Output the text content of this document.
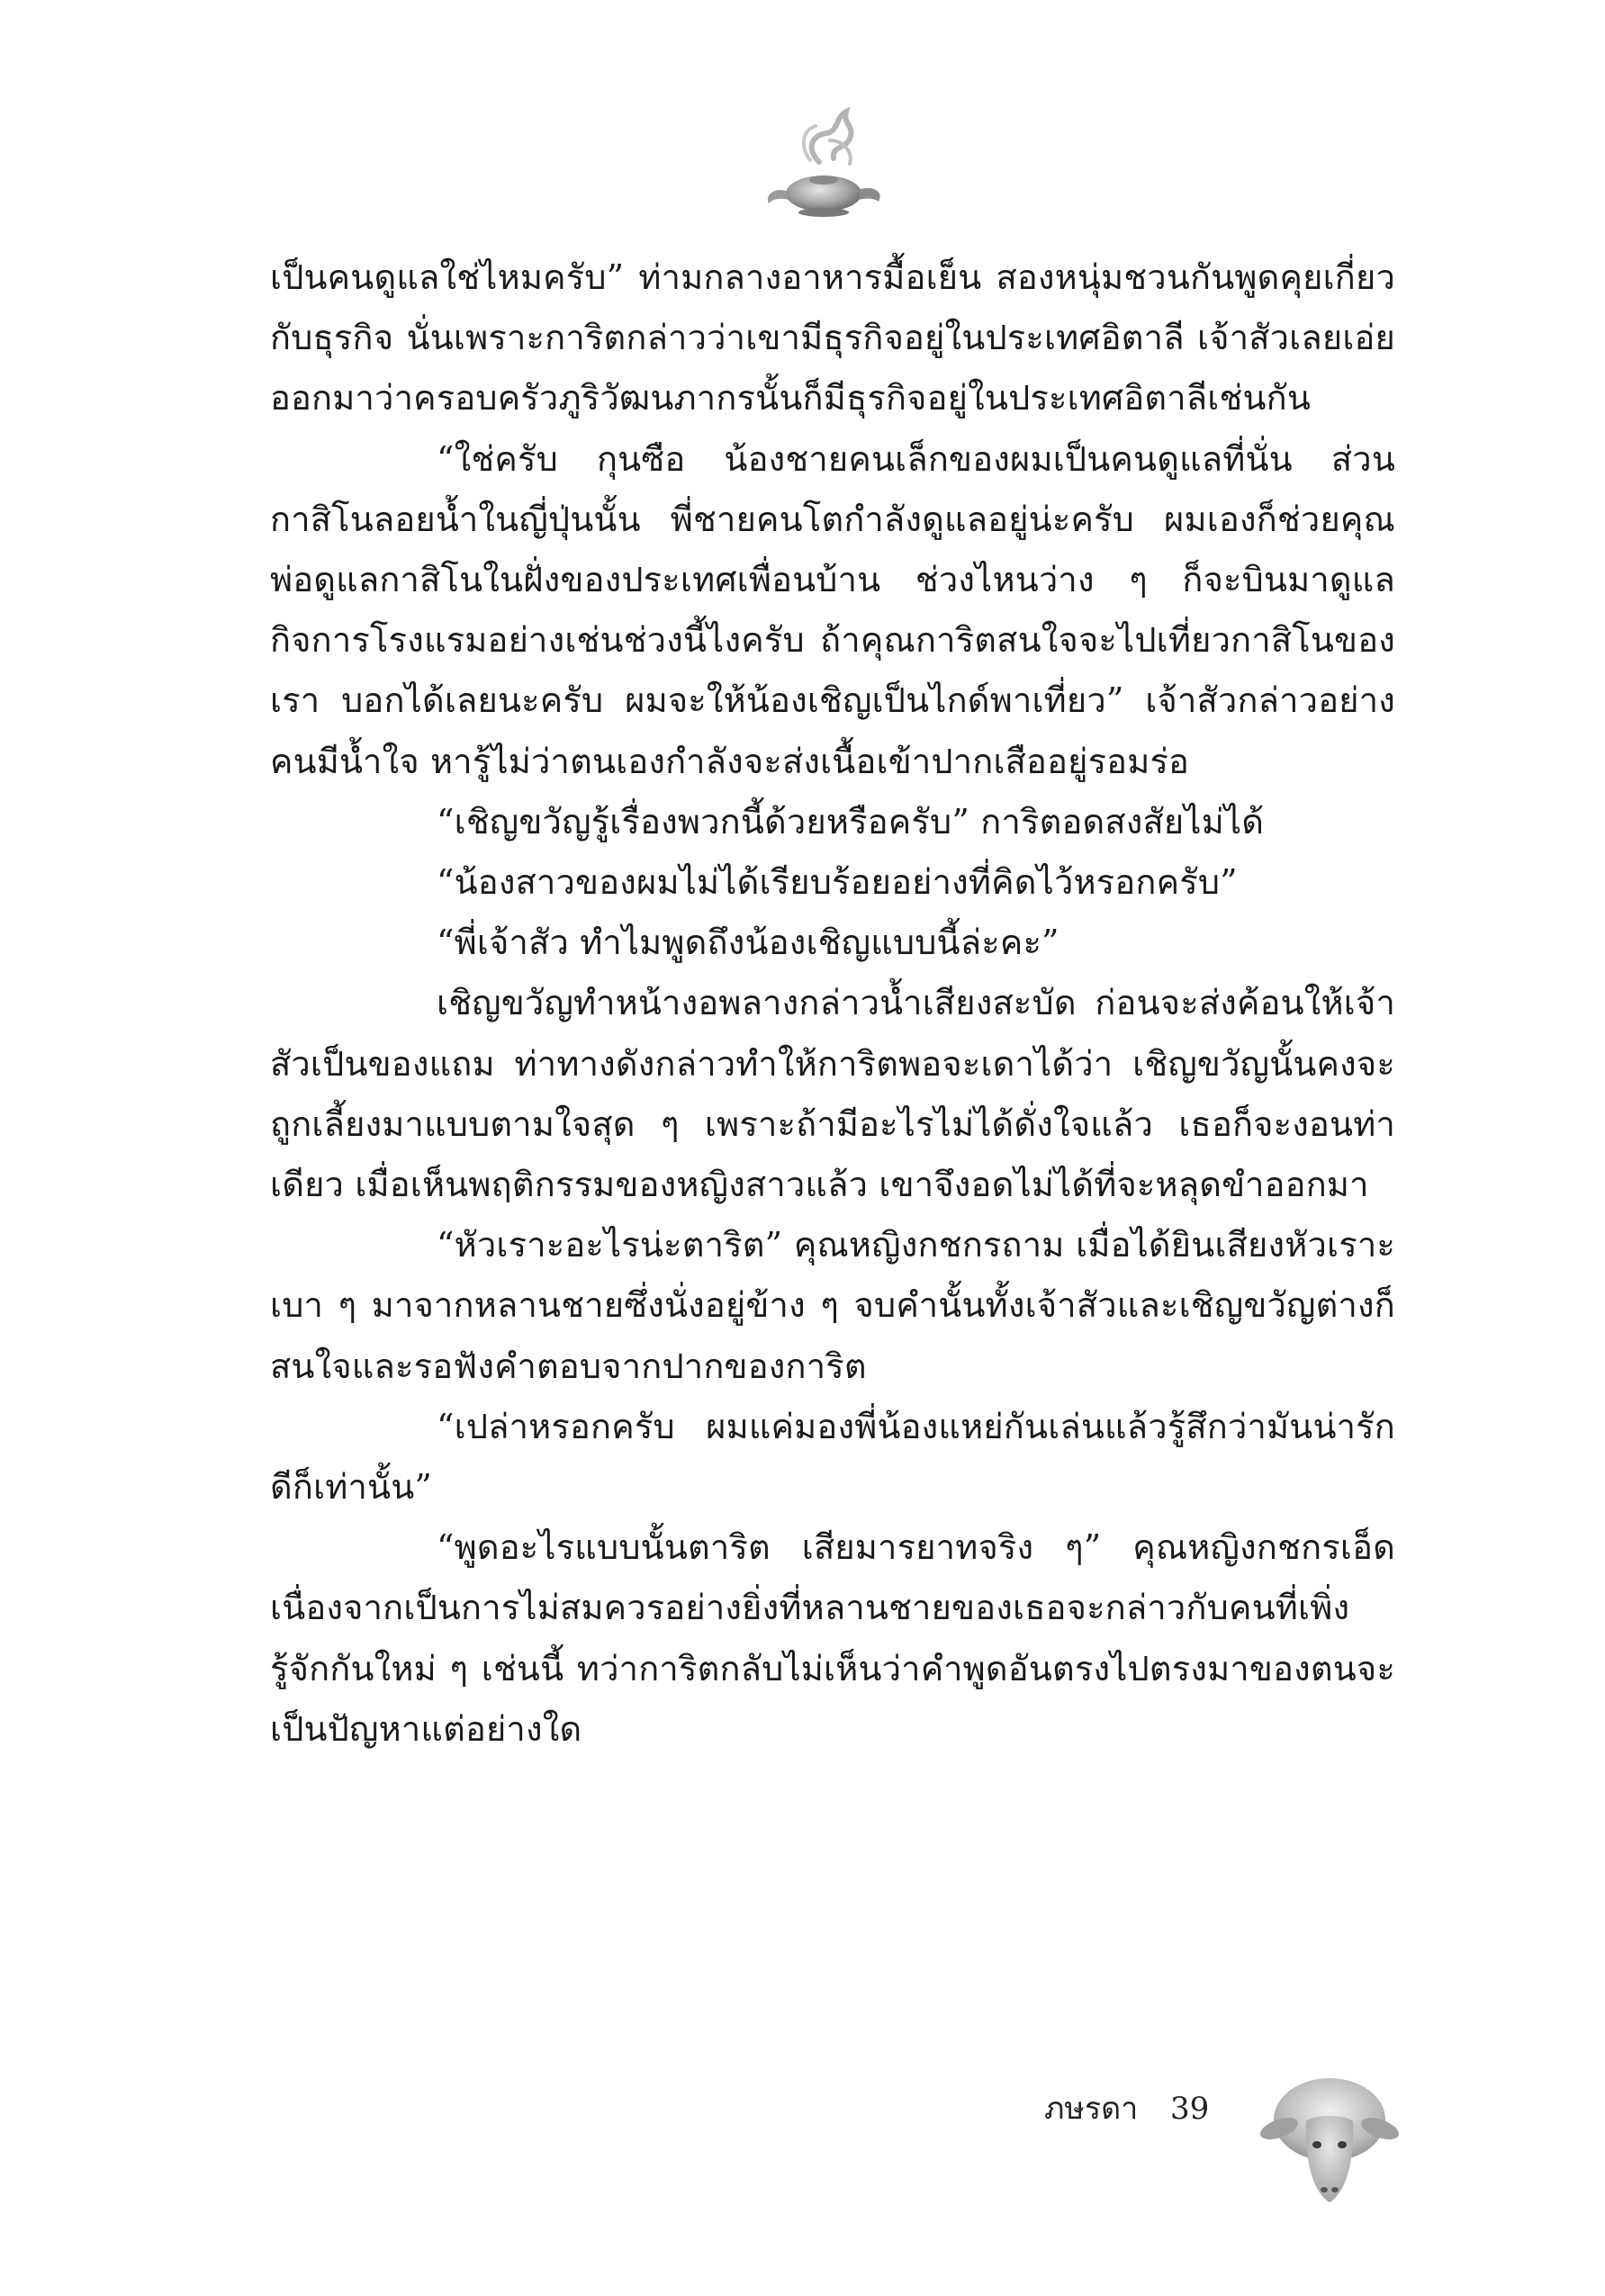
เป็นคนดูแลใช่ไหมครับ” ท่ามกลางอาหารมื้อเย็น สองหนุ่มชวนกันพูดคุยเกี่ยวกับธุรกิจ นั่นเพราะการิตกล่าวว่าเขามีธุรกิจอยู่ในประเทศอิตาลี เจ้าสัวเลยเอ่ยออกมาว่าครอบครัวภูริวัฒนภากรนั้นก็มีธุรกิจอยู่ในประเทศอิตาลีเช่นกัน

“ใช่ครับ กุนซือ น้องชายคนเล็กของผมเป็นคนดูแลที่นั่น ส่วนกาสิโนลอยน้ำในญี่ปุ่นนั้น พี่ชายคนโตกำลังดูแลอยู่น่ะครับ ผมเองก็ช่วยคุณพ่อดูแลกาสิโนในฝั่งของประเทศเพื่อนบ้าน ช่วงไหนว่าง ๆ ก็จะบินมาดูแลกิจการโรงแรมอย่างเช่นช่วงนี้ไงครับ ถ้าคุณการิตสนใจจะไปเที่ยวกาสิโนของเรา บอกได้เลยนะครับ ผมจะให้น้องเชิญเป็นไกด์พาเที่ยว” เจ้าสัวกล่าวอย่างคนมีน้ำใจ หารู้ไม่ว่าตนเองกำลังจะส่งเนื้อเข้าปากเสืออยู่รอมร่อ

“เชิญขวัญรู้เรื่องพวกนี้ด้วยหรือครับ” การิตอดสงสัยไม่ได้

“น้องสาวของผมไม่ได้เรียบร้อยอย่างที่คิดไว้หรอกครับ”

“พี่เจ้าสัว ทำไมพูดถึงน้องเชิญแบบนี้ล่ะคะ”

เชิญขวัญทำหน้างอพลางกล่าวน้ำเสียงสะบัด ก่อนจะส่งค้อนให้เจ้าสัวเป็นของแถม ท่าทางดังกล่าวทำให้การิตพอจะเดาได้ว่า เชิญขวัญนั้นคงจะถูกเลี้ยงมาแบบตามใจสุด ๆ เพราะถ้ามีอะไรไม่ได้ดั่งใจแล้ว เธอก็จะงอนท่าเดียว เมื่อเห็นพฤติกรรมของหญิงสาวแล้ว เขาจึงอดไม่ได้ที่จะหลุดขำออกมา

“หัวเราะอะไรน่ะตาริต” คุณหญิงกชกรถาม เมื่อได้ยินเสียงหัวเราะเบา ๆ มาจากหลานชายซึ่งนั่งอยู่ข้าง ๆ จบคำนั้นทั้งเจ้าสัวและเชิญขวัญต่างก็สนใจและรอฟังคำตอบจากปากของการิต

“เปล่าหรอกครับ ผมแค่มองพี่น้องแหย่กันเล่นแล้วรู้สึกว่ามันน่ารักดีก็เท่านั้น”

“พูดอะไรแบบนั้นตาริต เสียมารยาทจริง ๆ” คุณหญิงกชกรเอ็ด เนื่องจากเป็นการไม่สมควรอย่างยิ่งที่หลานชายของเธอจะกล่าวกับคนที่เพิ่งรู้จักกันใหม่ ๆ เช่นนี้ ทว่าการิตกลับไม่เห็นว่าคำพูดอันตรงไปตรงมาของตนจะเป็นปัญหาแต่อย่างใด

ภษรดา 39
